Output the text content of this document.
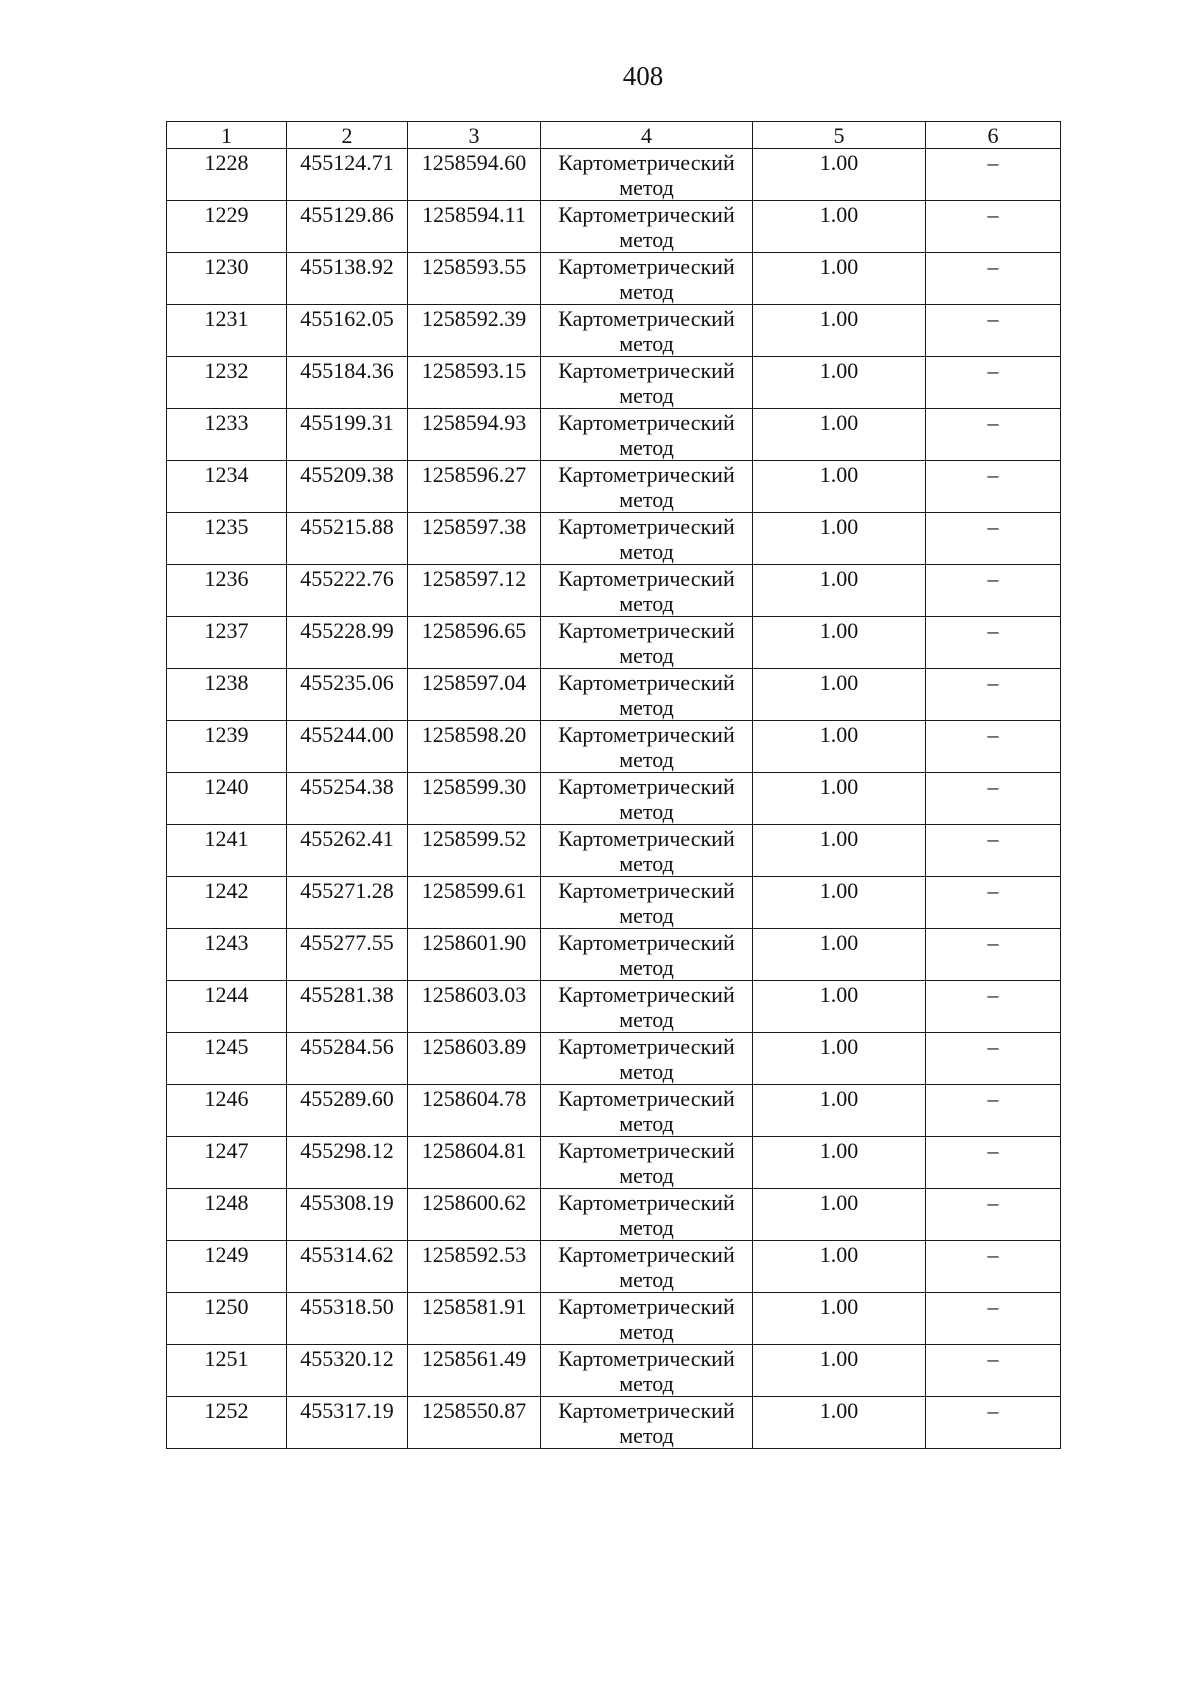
408
1	2	3	4	5	6
1228	455124.71	1258594.60	Картометрический метод	1.00	–
1229	455129.86	1258594.11	Картометрический метод	1.00	–
1230	455138.92	1258593.55	Картометрический метод	1.00	–
1231	455162.05	1258592.39	Картометрический метод	1.00	–
1232	455184.36	1258593.15	Картометрический метод	1.00	–
1233	455199.31	1258594.93	Картометрический метод	1.00	–
1234	455209.38	1258596.27	Картометрический метод	1.00	–
1235	455215.88	1258597.38	Картометрический метод	1.00	–
1236	455222.76	1258597.12	Картометрический метод	1.00	–
1237	455228.99	1258596.65	Картометрический метод	1.00	–
1238	455235.06	1258597.04	Картометрический метод	1.00	–
1239	455244.00	1258598.20	Картометрический метод	1.00	–
1240	455254.38	1258599.30	Картометрический метод	1.00	–
1241	455262.41	1258599.52	Картометрический метод	1.00	–
1242	455271.28	1258599.61	Картометрический метод	1.00	–
1243	455277.55	1258601.90	Картометрический метод	1.00	–
1244	455281.38	1258603.03	Картометрический метод	1.00	–
1245	455284.56	1258603.89	Картометрический метод	1.00	–
1246	455289.60	1258604.78	Картометрический метод	1.00	–
1247	455298.12	1258604.81	Картометрический метод	1.00	–
1248	455308.19	1258600.62	Картометрический метод	1.00	–
1249	455314.62	1258592.53	Картометрический метод	1.00	–
1250	455318.50	1258581.91	Картометрический метод	1.00	–
1251	455320.12	1258561.49	Картометрический метод	1.00	–
1252	455317.19	1258550.87	Картометрический метод	1.00	–
